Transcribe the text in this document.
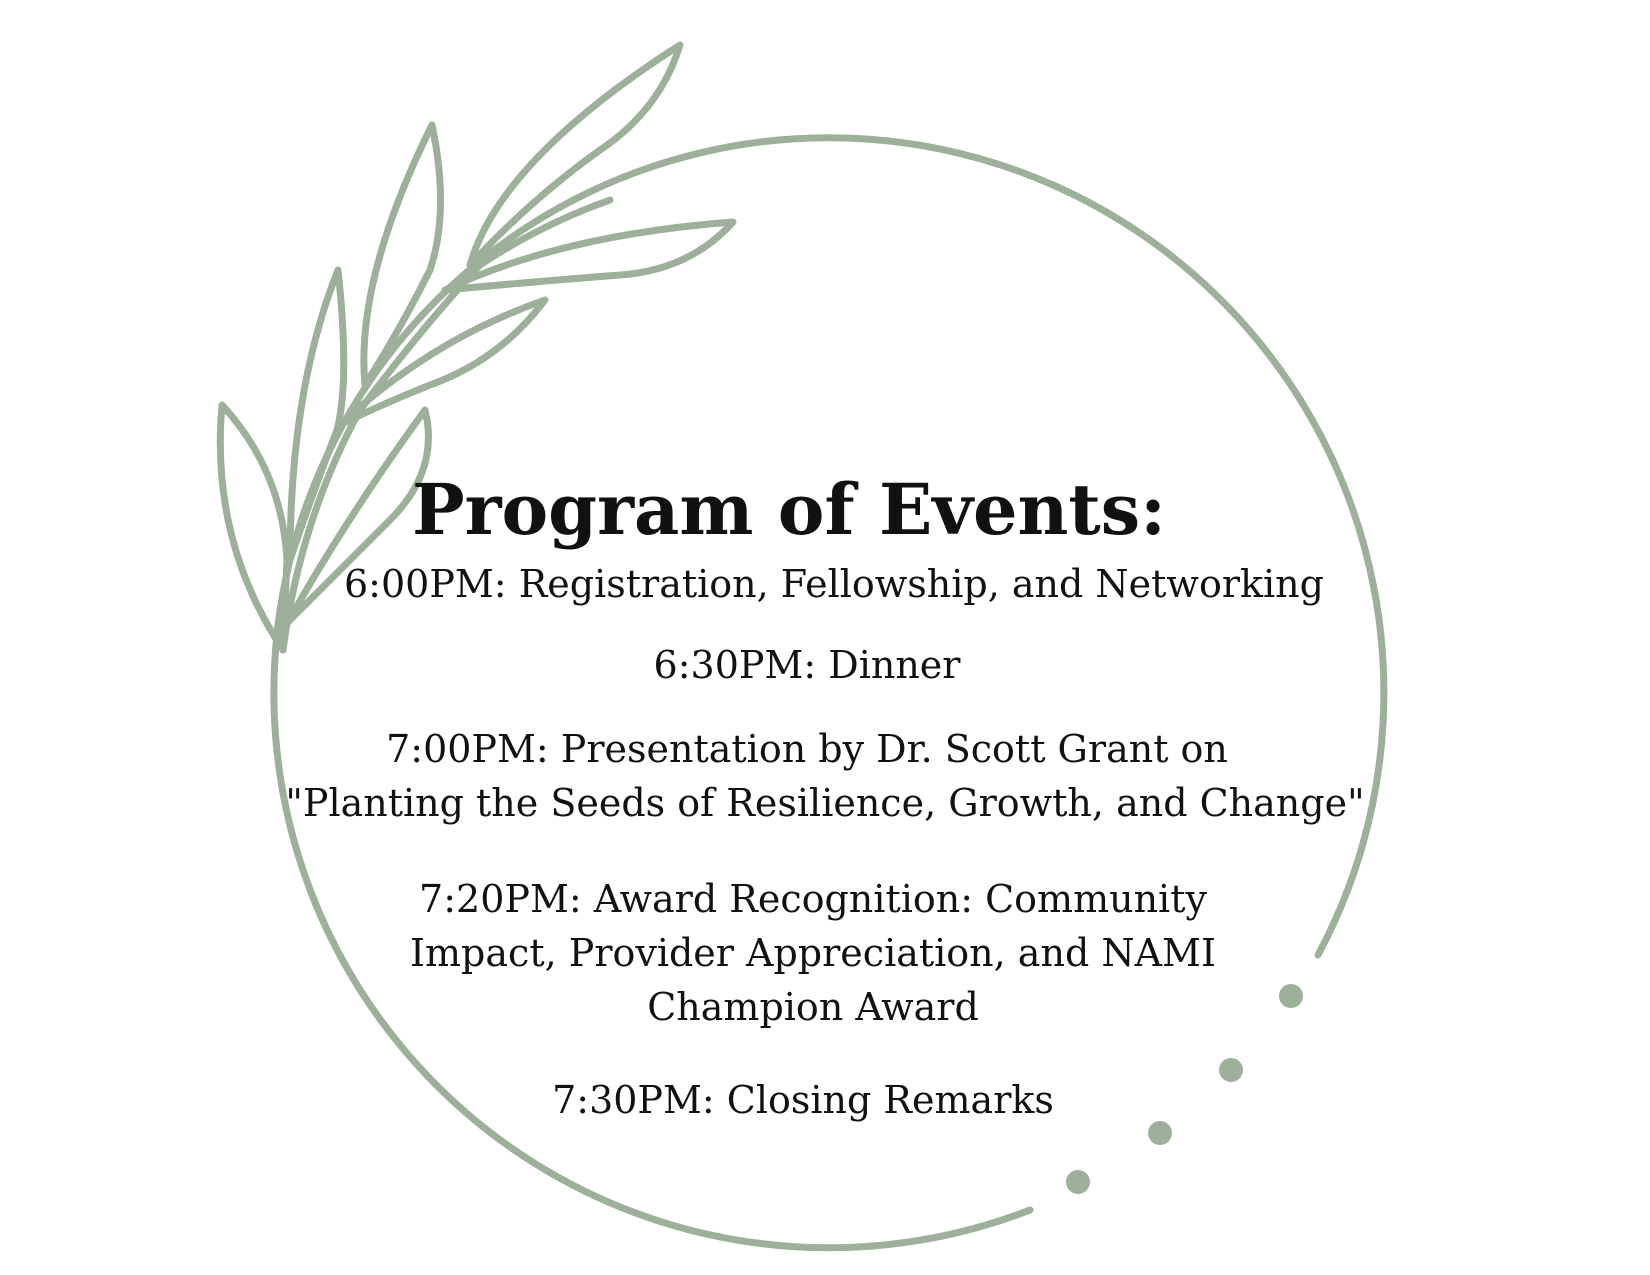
Program of Events:
6:00PM: Registration, Fellowship, and Networking
6:30PM: Dinner
7:00PM: Presentation by Dr. Scott Grant on
"Planting the Seeds of Resilience, Growth, and Change"
7:20PM: Award Recognition: Community
Impact, Provider Appreciation, and NAMI
Champion Award
7:30PM: Closing Remarks
